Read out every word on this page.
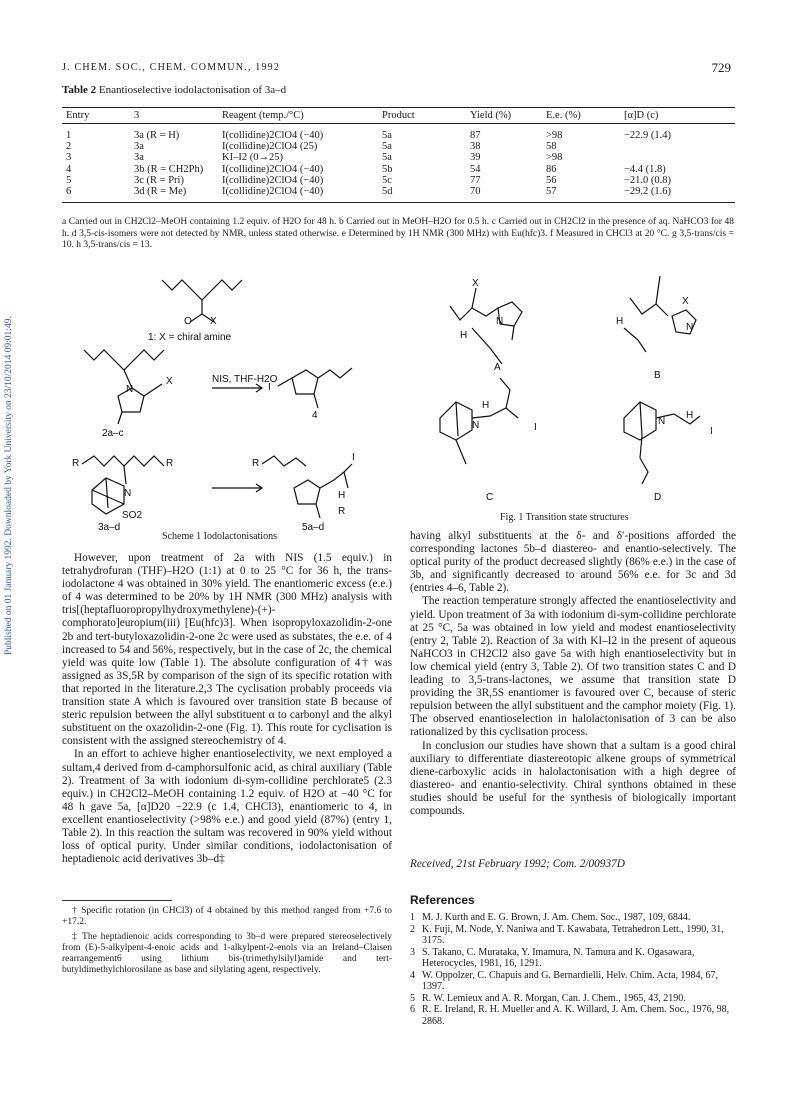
J. CHEM. SOC., CHEM. COMMUN., 1992	729
Table 2 Enantioselective iodolactonisation of 3a–d
Entry	3	Reagent (temp./°C)	Product	Yield (%)	E.e. (%)	[α]D (c)
1	3a (R = H)	I(collidine)2ClO4 (−40)	5a	87	>98	−22.9 (1.4)
2	3a	I(collidine)2ClO4 (25)	5a	38	58	
3	3a	KI–I2 (0→25)	5a	39	>98	
4	3b (R = CH2Ph)	I(collidine)2ClO4 (−40)	5b	54	86	−4.4 (1.8)
5	3c (R = Pri)	I(collidine)2ClO4 (−40)	5c	77	56	−21.0 (0.8)
6	3d (R = Me)	I(collidine)2ClO4 (−40)	5d	70	57	−29.2 (1.6)
a Carried out in CH2Cl2–MeOH containing 1.2 equiv. of H2O for 48 h. b Carried out in MeOH–H2O for 0.5 h. c Carried out in CH2Cl2 in the presence of aq. NaHCO3 for 48 h. d 3,5-cis-isomers were not detected by NMR, unless stated otherwise. e Determined by 1H NMR (300 MHz) with Eu(hfc)3. f Measured in CHCl3 at 20 °C. g 3,5-trans/cis = 10. h 3,5-trans/cis = 13.
Published on 01 January 1992. Downloaded by York University on 23/10/2014 09:01:49.	X
O
1: X = chiral amine
N
X
2a–c
NIS, THF-H2O
I
4
R	R
N
SO2
3a–d
R
I
H
R
5a–d
Scheme 1 Iodolactonisations
N
X
H
A
N
X
H
B
N
H
I
C
N
H
I
D
Fig. 1 Transition state structures

However, upon treatment of 2a with NIS (1.5 equiv.) in tetrahydrofuran (THF)–H2O (1:1) at 0 to 25 °C for 36 h, the trans-iodolactone 4 was obtained in 30% yield. The enantiomeric excess (e.e.) of 4 was determined to be 20% by 1H NMR (300 MHz) analysis with tris[(heptafluoropropylhydroxymethylene)-(+)-comphorato]europium(iii) [Eu(hfc)3]. When isopropyloxazolidin-2-one 2b and tert-butyloxazolidin-2-one 2c were used as substates, the e.e. of 4 increased to 54 and 56%, respectively, but in the case of 2c, the chemical yield was quite low (Table 1). The absolute configuration of 4† was assigned as 3S,5R by comparison of the sign of its specific rotation with that reported in the literature.2,3 The cyclisation probably proceeds via transition state A which is favoured over transition state B because of steric repulsion between the allyl substituent α to carbonyl and the alkyl substituent on the oxazolidin-2-one (Fig. 1). This route for cyclisation is consistent with the assigned stereochemistry of 4.

In an effort to achieve higher enantioselectivity, we next employed a sultam,4 derived from d-camphorsulfonic acid, as chiral auxiliary (Table 2). Treatment of 3a with iodonium di-sym-collidine perchlorate5 (2.3 equiv.) in CH2Cl2–MeOH containing 1.2 equiv. of H2O at −40 °C for 48 h gave 5a, [α]D20 −22.9 (c 1.4, CHCl3), enantiomeric to 4, in excellent enantioselectivity (>98% e.e.) and good yield (87%) (entry 1, Table 2). In this reaction the sultam was recovered in 90% yield without loss of optical purity. Under similar conditions, iodolactonisation of heptadienoic acid derivatives 3b–d‡

† Specific rotation (in CHCl3) of 4 obtained by this method ranged from +7.6 to +17.2.

‡ The heptadienoic acids corresponding to 3b–d were prepared stereoselectively from (E)-5-alkylpent-4-enoic acids and 1-alkylpent-2-enols via an Ireland–Claisen rearrangement6 using lithium bis-(trimethylsilyl)amide and tert-butyldimethylchlorosilane as base and silylating agent, respectively.

having alkyl substituents at the δ- and δ′-positions afforded the corresponding lactones 5b–d diastereo- and enantio-selectively. The optical purity of the product decreased slightly (86% e.e.) in the case of 3b, and significantly decreased to around 56% e.e. for 3c and 3d (entries 4–6, Table 2).

The reaction temperature strongly affected the enantioselectivity and yield. Upon treatment of 3a with iodonium di-sym-collidine perchlorate at 25 °C, 5a was obtained in low yield and modest enantioselectivity (entry 2, Table 2). Reaction of 3a with KI–I2 in the present of aqueous NaHCO3 in CH2Cl2 also gave 5a with high enantioselectivity but in low chemical yield (entry 3, Table 2). Of two transition states C and D leading to 3,5-trans-lactones, we assume that transition state D providing the 3R,5S enantiomer is favoured over C, because of steric repulsion between the allyl substituent and the camphor moiety (Fig. 1). The observed enantioselection in halolactonisation of 3 can be also rationalized by this cyclisation process.

In conclusion our studies have shown that a sultam is a good chiral auxiliary to differentiate diastereotopic alkene groups of symmetrical diene-carboxylic acids in halolactonisation with a high degree of diastereo- and enantio-selectivity. Chiral synthons obtained in these studies should be useful for the synthesis of biologically important compounds.

Received, 21st February 1992; Com. 2/00937D
References
1 M. J. Kurth and E. G. Brown, J. Am. Chem. Soc., 1987, 109, 6844.
2 K. Fuji, M. Node, Y. Naniwa and T. Kawabata, Tetrahedron Lett., 1990, 31, 3175.
3 S. Takano, C. Murataka, Y. Imamura, N. Tamura and K. Ogasawara, Heterocycles, 1981, 16, 1291.
4 W. Oppolzer, C. Chapuis and G. Bernardielli, Helv. Chim. Acta, 1984, 67, 1397.
5 R. W. Lemieux and A. R. Morgan, Can. J. Chem., 1965, 43, 2190.
6 R. E. Ireland, R. H. Mueller and A. K. Willard, J. Am. Chem. Soc., 1976, 98, 2868.
